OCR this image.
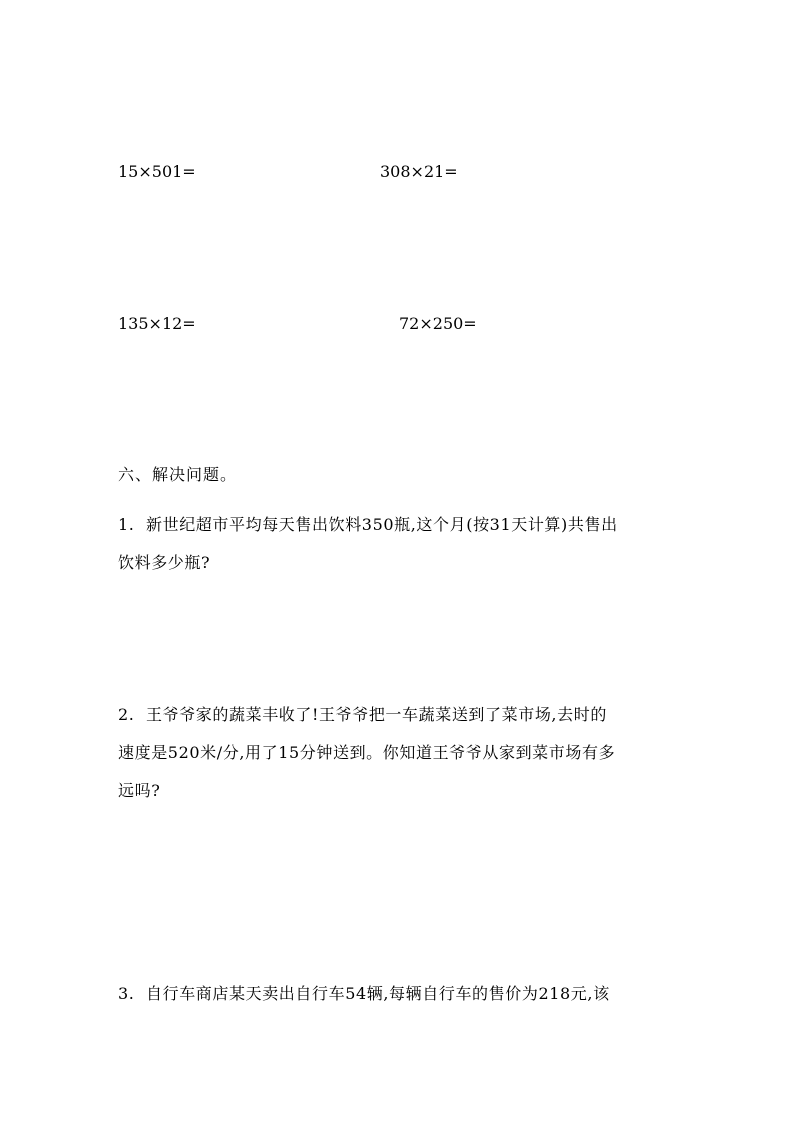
15×501=	308×21=
135×12=	72×250=
六、解决问题。
1. 新世纪超市平均每天售出饮料350瓶,这个月(按31天计算)共售出
饮料多少瓶?
2. 王爷爷家的蔬菜丰收了!王爷爷把一车蔬菜送到了菜市场,去时的
速度是520米/分,用了15分钟送到。你知道王爷爷从家到菜市场有多
远吗?
3. 自行车商店某天卖出自行车54辆,每辆自行车的售价为218元,该
